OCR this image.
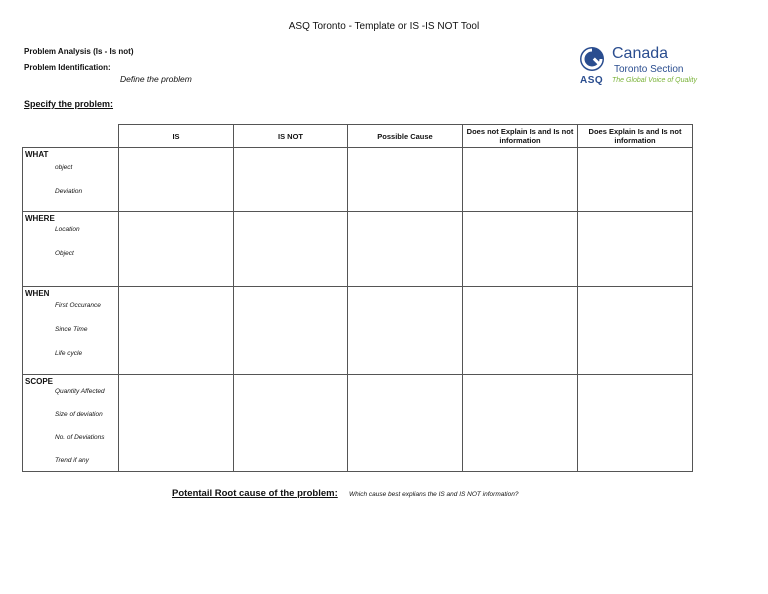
ASQ Toronto - Template or IS -IS NOT Tool
Problem Analysis (Is - Is not)
Problem Identification:
Define the problem
Specify the problem:
ASQ
Canada
Toronto Section
The Global Voice of Quality
	IS	IS NOT	Possible Cause	Does not Explain Is and Is not information	Does Explain Is and Is not information

WHAT
object
Deviation					

WHERE
Location
Object					

WHEN
First Occurance
Since Time
Life cycle					

SCOPE
Quantity Affected
Size of deviation
No. of Deviations
Trend if any					

Potentail Root cause of the problem: Which cause best explians the IS and IS NOT information?
